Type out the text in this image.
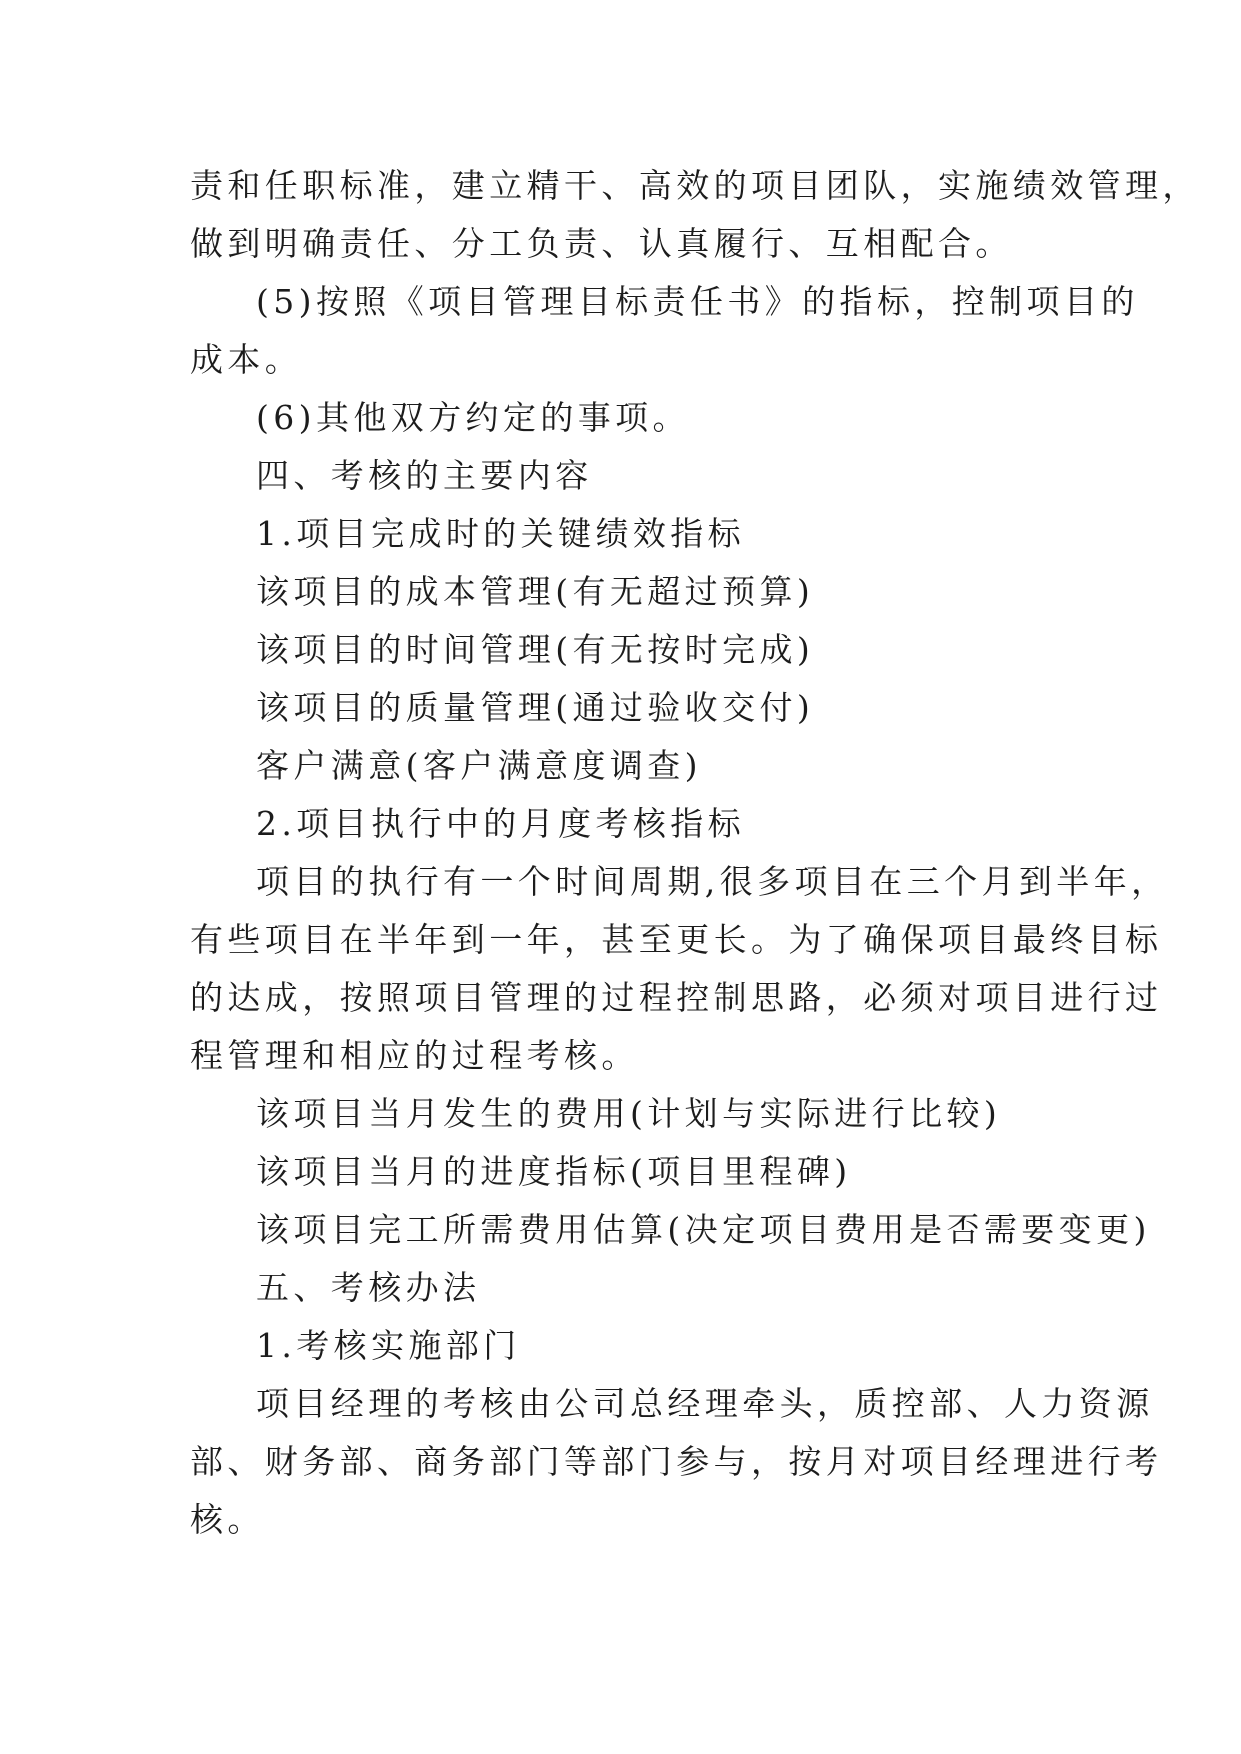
责和任职标准，建立精干、高效的项目团队，实施绩效管理，
做到明确责任、分工负责、认真履行、互相配合。
(5)按照《项目管理目标责任书》的指标，控制项目的
成本。
(6)其他双方约定的事项。
四、考核的主要内容
1.项目完成时的关键绩效指标
该项目的成本管理(有无超过预算)
该项目的时间管理(有无按时完成)
该项目的质量管理(通过验收交付)
客户满意(客户满意度调查)
2.项目执行中的月度考核指标
项目的执行有一个时间周期,很多项目在三个月到半年，
有些项目在半年到一年，甚至更长。为了确保项目最终目标
的达成，按照项目管理的过程控制思路，必须对项目进行过
程管理和相应的过程考核。
该项目当月发生的费用(计划与实际进行比较)
该项目当月的进度指标(项目里程碑)
该项目完工所需费用估算(决定项目费用是否需要变更)
五、考核办法
1.考核实施部门
项目经理的考核由公司总经理牵头，质控部、人力资源
部、财务部、商务部门等部门参与，按月对项目经理进行考
核。
